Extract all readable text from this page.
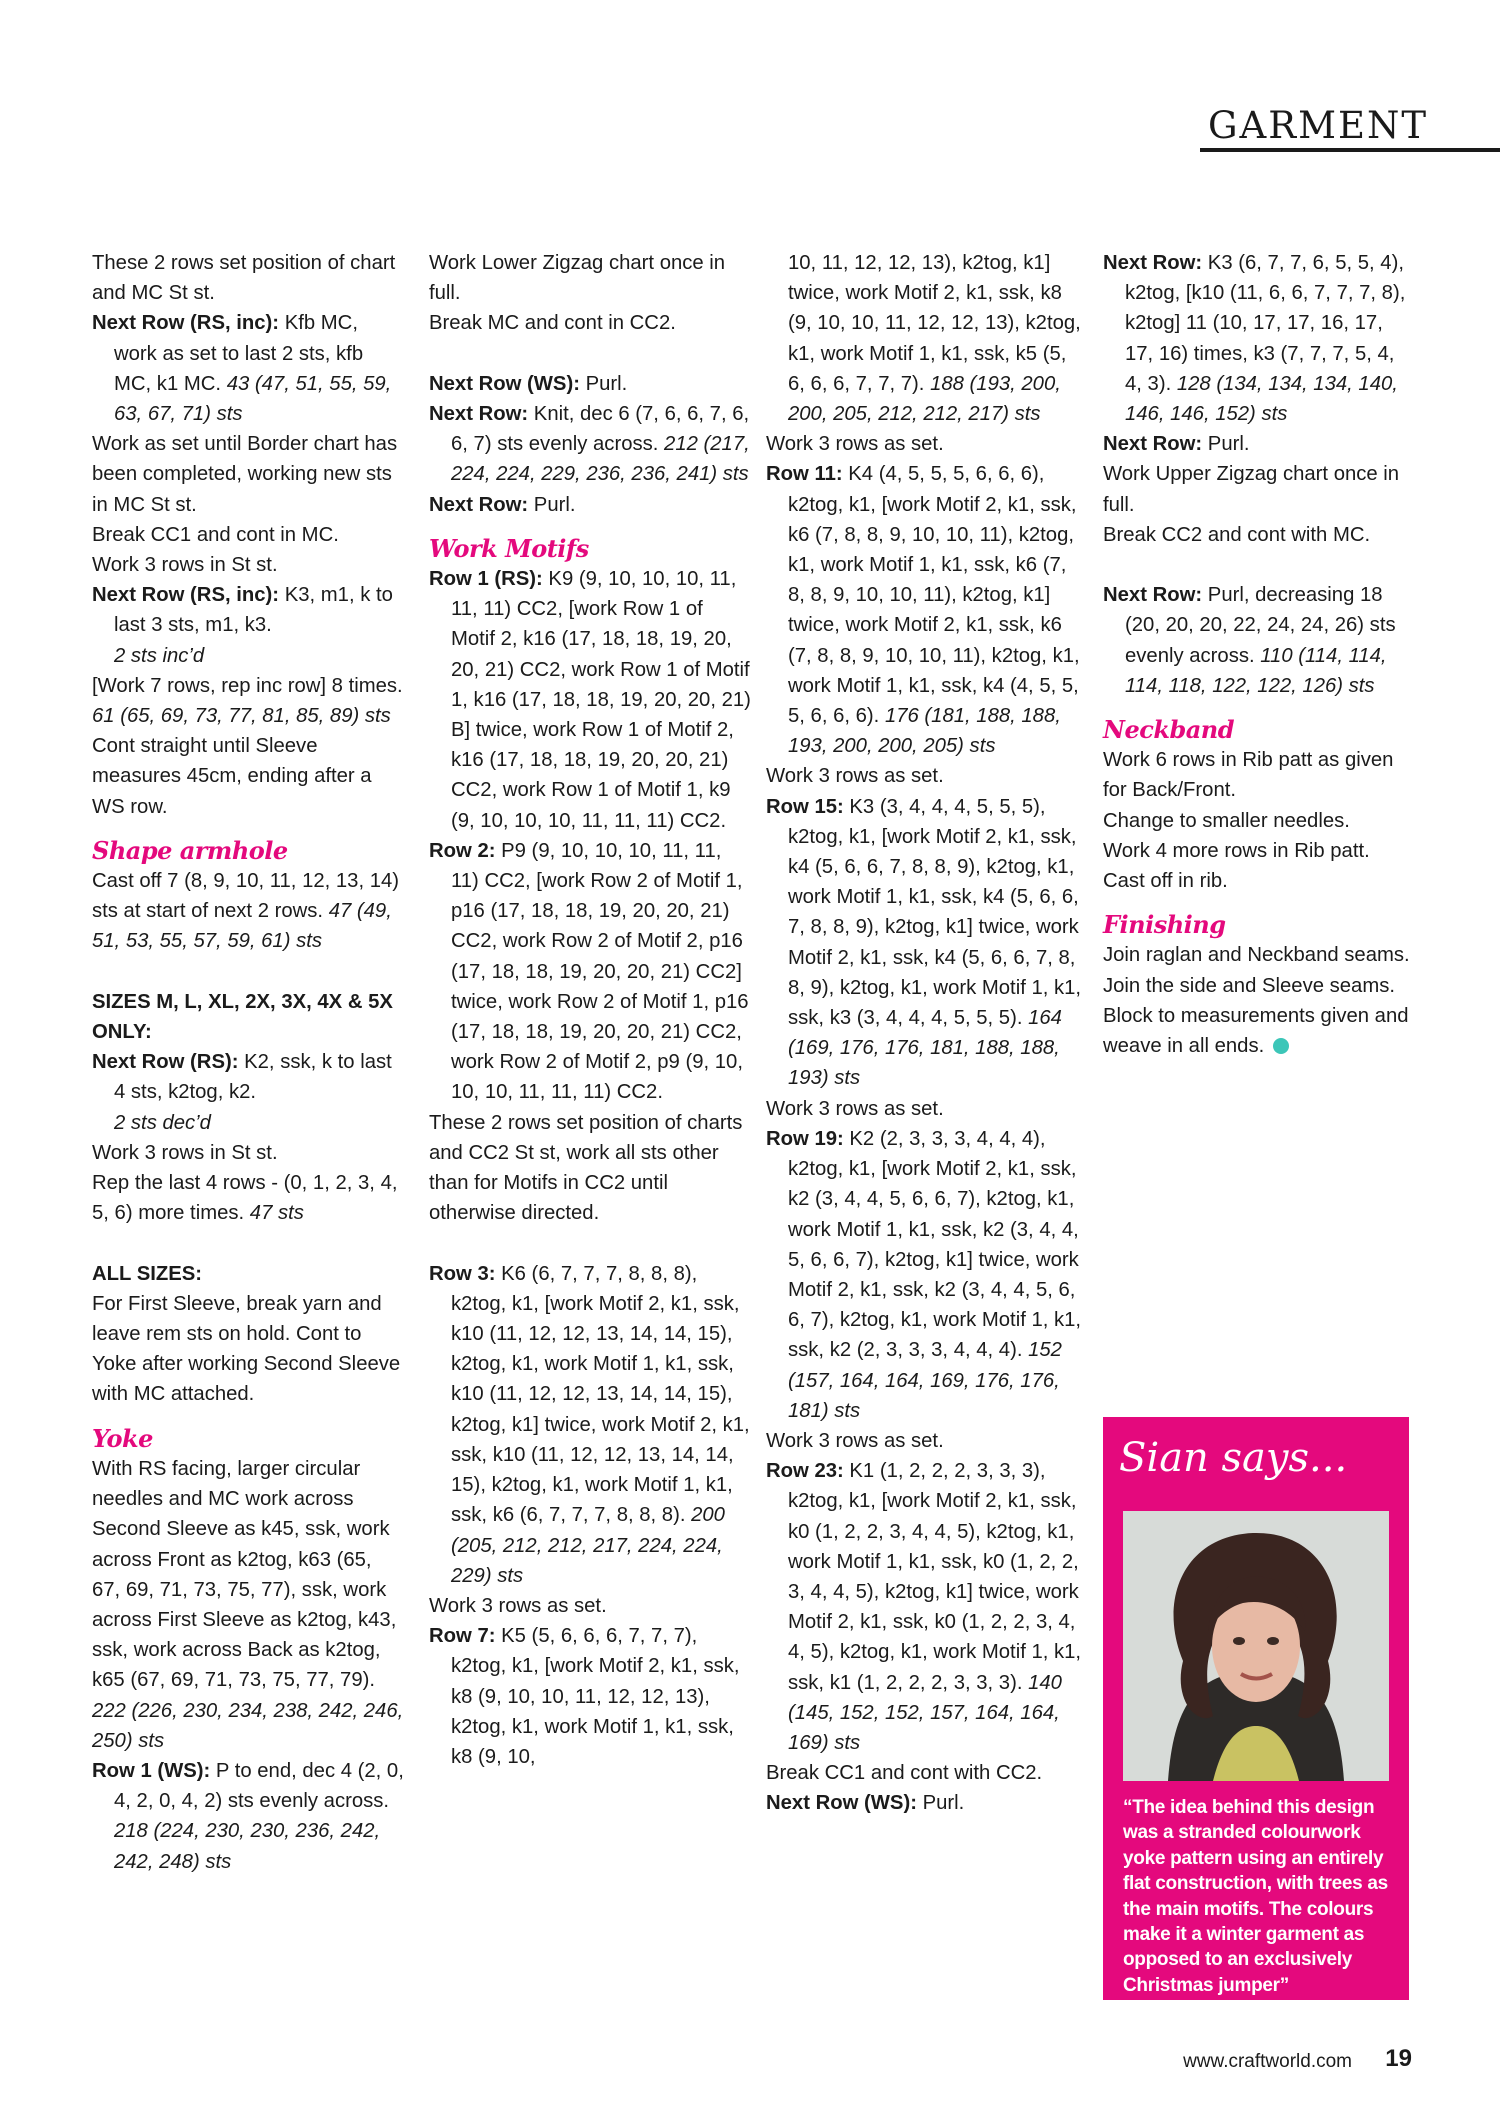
GARMENT
These 2 rows set position of chart and MC St st.
Next Row (RS, inc): Kfb MC, work as set to last 2 sts, kfb MC, k1 MC. 43 (47, 51, 55, 59, 63, 67, 71) sts
Work as set until Border chart has been completed, working new sts in MC St st.
Break CC1 and cont in MC.
Work 3 rows in St st.
Next Row (RS, inc): K3, m1, k to last 3 sts, m1, k3.
2 sts inc’d
[Work 7 rows, rep inc row] 8 times. 61 (65, 69, 73, 77, 81, 85, 89) sts
Cont straight until Sleeve measures 45cm, ending after a WS row.
Shape armhole
Cast off 7 (8, 9, 10, 11, 12, 13, 14) sts at start of next 2 rows. 47 (49, 51, 53, 55, 57, 59, 61) sts
SIZES M, L, XL, 2X, 3X, 4X & 5X ONLY:
Next Row (RS): K2, ssk, k to last 4 sts, k2tog, k2.
2 sts dec’d
Work 3 rows in St st.
Rep the last 4 rows - (0, 1, 2, 3, 4, 5, 6) more times. 47 sts
ALL SIZES:
For First Sleeve, break yarn and leave rem sts on hold. Cont to Yoke after working Second Sleeve with MC attached.
Yoke
With RS facing, larger circular needles and MC work across Second Sleeve as k45, ssk, work across Front as k2tog, k63 (65, 67, 69, 71, 73, 75, 77), ssk, work across First Sleeve as k2tog, k43, ssk, work across Back as k2tog, k65 (67, 69, 71, 73, 75, 77, 79). 222 (226, 230, 234, 238, 242, 246, 250) sts
Row 1 (WS): P to end, dec 4 (2, 0, 4, 2, 0, 4, 2) sts evenly across. 218 (224, 230, 230, 236, 242, 242, 248) sts
Work Lower Zigzag chart once in full.
Break MC and cont in CC2.
Next Row (WS): Purl.
Next Row: Knit, dec 6 (7, 6, 6, 7, 6, 6, 7) sts evenly across. 212 (217, 224, 224, 229, 236, 236, 241) sts
Next Row: Purl.
Work Motifs
Row 1 (RS): K9 (9, 10, 10, 10, 11, 11, 11) CC2, [work Row 1 of Motif 2, k16 (17, 18, 18, 19, 20, 20, 21) CC2, work Row 1 of Motif 1, k16 (17, 18, 18, 19, 20, 20, 21) B] twice, work Row 1 of Motif 2, k16 (17, 18, 18, 19, 20, 20, 21) CC2, work Row 1 of Motif 1, k9 (9, 10, 10, 10, 11, 11, 11) CC2.
Row 2: P9 (9, 10, 10, 10, 11, 11, 11) CC2, [work Row 2 of Motif 1, p16 (17, 18, 18, 19, 20, 20, 21) CC2, work Row 2 of Motif 2, p16 (17, 18, 18, 19, 20, 20, 21) CC2] twice, work Row 2 of Motif 1, p16 (17, 18, 18, 19, 20, 20, 21) CC2, work Row 2 of Motif 2, p9 (9, 10, 10, 10, 11, 11, 11) CC2.
These 2 rows set position of charts and CC2 St st, work all sts other than for Motifs in CC2 until otherwise directed.
Row 3: K6 (6, 7, 7, 7, 8, 8, 8), k2tog, k1, [work Motif 2, k1, ssk, k10 (11, 12, 12, 13, 14, 14, 15), k2tog, k1, work Motif 1, k1, ssk, k10 (11, 12, 12, 13, 14, 14, 15), k2tog, k1] twice, work Motif 2, k1, ssk, k10 (11, 12, 12, 13, 14, 14, 15), k2tog, k1, work Motif 1, k1, ssk, k6 (6, 7, 7, 7, 8, 8, 8). 200 (205, 212, 212, 217, 224, 224, 229) sts
Work 3 rows as set.
Row 7: K5 (5, 6, 6, 6, 7, 7, 7), k2tog, k1, [work Motif 2, k1, ssk, k8 (9, 10, 10, 11, 12, 12, 13), k2tog, k1, work Motif 1, k1, ssk, k8 (9, 10,
10, 11, 12, 12, 13), k2tog, k1] twice, work Motif 2, k1, ssk, k8 (9, 10, 10, 11, 12, 12, 13), k2tog, k1, work Motif 1, k1, ssk, k5 (5, 6, 6, 6, 7, 7, 7). 188 (193, 200, 200, 205, 212, 212, 217) sts
Work 3 rows as set.
Row 11: K4 (4, 5, 5, 5, 6, 6, 6), k2tog, k1, [work Motif 2, k1, ssk, k6 (7, 8, 8, 9, 10, 10, 11), k2tog, k1, work Motif 1, k1, ssk, k6 (7, 8, 8, 9, 10, 10, 11), k2tog, k1] twice, work Motif 2, k1, ssk, k6 (7, 8, 8, 9, 10, 10, 11), k2tog, k1, work Motif 1, k1, ssk, k4 (4, 5, 5, 5, 6, 6, 6). 176 (181, 188, 188, 193, 200, 200, 205) sts
Work 3 rows as set.
Row 15: K3 (3, 4, 4, 4, 5, 5, 5), k2tog, k1, [work Motif 2, k1, ssk, k4 (5, 6, 6, 7, 8, 8, 9), k2tog, k1, work Motif 1, k1, ssk, k4 (5, 6, 6, 7, 8, 8, 9), k2tog, k1] twice, work Motif 2, k1, ssk, k4 (5, 6, 6, 7, 8, 8, 9), k2tog, k1, work Motif 1, k1, ssk, k3 (3, 4, 4, 4, 5, 5, 5). 164 (169, 176, 176, 181, 188, 188, 193) sts
Work 3 rows as set.
Row 19: K2 (2, 3, 3, 3, 4, 4, 4), k2tog, k1, [work Motif 2, k1, ssk, k2 (3, 4, 4, 5, 6, 6, 7), k2tog, k1, work Motif 1, k1, ssk, k2 (3, 4, 4, 5, 6, 6, 7), k2tog, k1] twice, work Motif 2, k1, ssk, k2 (3, 4, 4, 5, 6, 6, 7), k2tog, k1, work Motif 1, k1, ssk, k2 (2, 3, 3, 3, 4, 4, 4). 152 (157, 164, 164, 169, 176, 176, 181) sts
Work 3 rows as set.
Row 23: K1 (1, 2, 2, 2, 3, 3, 3), k2tog, k1, [work Motif 2, k1, ssk, k0 (1, 2, 2, 3, 4, 4, 5), k2tog, k1, work Motif 1, k1, ssk, k0 (1, 2, 2, 3, 4, 4, 5), k2tog, k1] twice, work Motif 2, k1, ssk, k0 (1, 2, 2, 3, 4, 4, 5), k2tog, k1, work Motif 1, k1, ssk, k1 (1, 2, 2, 2, 3, 3, 3). 140 (145, 152, 152, 157, 164, 164, 169) sts
Break CC1 and cont with CC2.
Next Row (WS): Purl.
Next Row: K3 (6, 7, 7, 6, 5, 5, 4), k2tog, [k10 (11, 6, 6, 7, 7, 7, 8), k2tog] 11 (10, 17, 17, 16, 17, 17, 16) times, k3 (7, 7, 7, 5, 4, 4, 3). 128 (134, 134, 134, 140, 146, 146, 152) sts
Next Row: Purl.
Work Upper Zigzag chart once in full.
Break CC2 and cont with MC.
Next Row: Purl, decreasing 18 (20, 20, 20, 22, 24, 24, 26) sts evenly across. 110 (114, 114, 114, 118, 122, 122, 126) sts
Neckband
Work 6 rows in Rib patt as given for Back/Front.
Change to smaller needles.
Work 4 more rows in Rib patt.
Cast off in rib.
Finishing
Join raglan and Neckband seams. Join the side and Sleeve seams. Block to measurements given and weave in all ends.
Sian says...
“The idea behind this design was a stranded colourwork yoke pattern using an entirely flat construction, with trees as the main motifs. The colours make it a winter garment as opposed to an exclusively Christmas jumper”
www.craftworld.com 19
